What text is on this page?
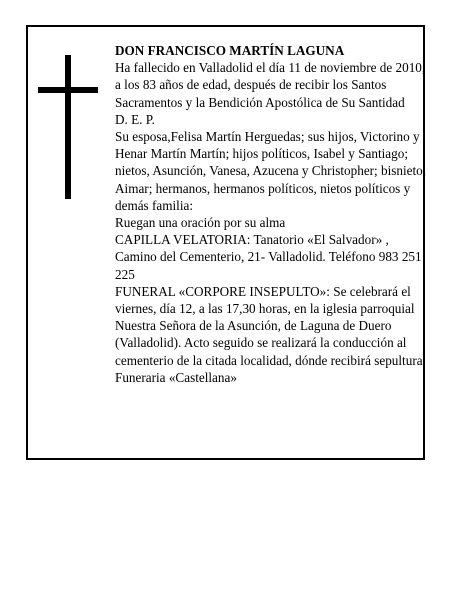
DON FRANCISCO MARTÍN LAGUNA

Ha fallecido en Valladolid el día 11 de noviembre de 2010, a los 83 años de edad, después de recibir los Santos Sacramentos y la Bendición Apostólica de Su Santidad

D. E. P.

Su esposa,Felisa Martín Herguedas; sus hijos, Victorino y Henar Martín Martín; hijos políticos, Isabel y Santiago; nietos, Asunción, Vanesa, Azucena y Christopher; bisnieto, Aimar; hermanos, hermanos políticos, nietos políticos y demás familia:

Ruegan una oración por su alma

CAPILLA VELATORIA: Tanatorio «El Salvador» , Camino del Cementerio, 21- Valladolid. Teléfono 983 251 225

FUNERAL «CORPORE INSEPULTO»: Se celebrará el viernes, día 12, a las 17,30 horas, en la iglesia parroquial Nuestra Señora de la Asunción, de Laguna de Duero (Valladolid). Acto seguido se realizará la conducción al cementerio de la citada localidad, dónde recibirá sepultura.

Funeraria «Castellana»
